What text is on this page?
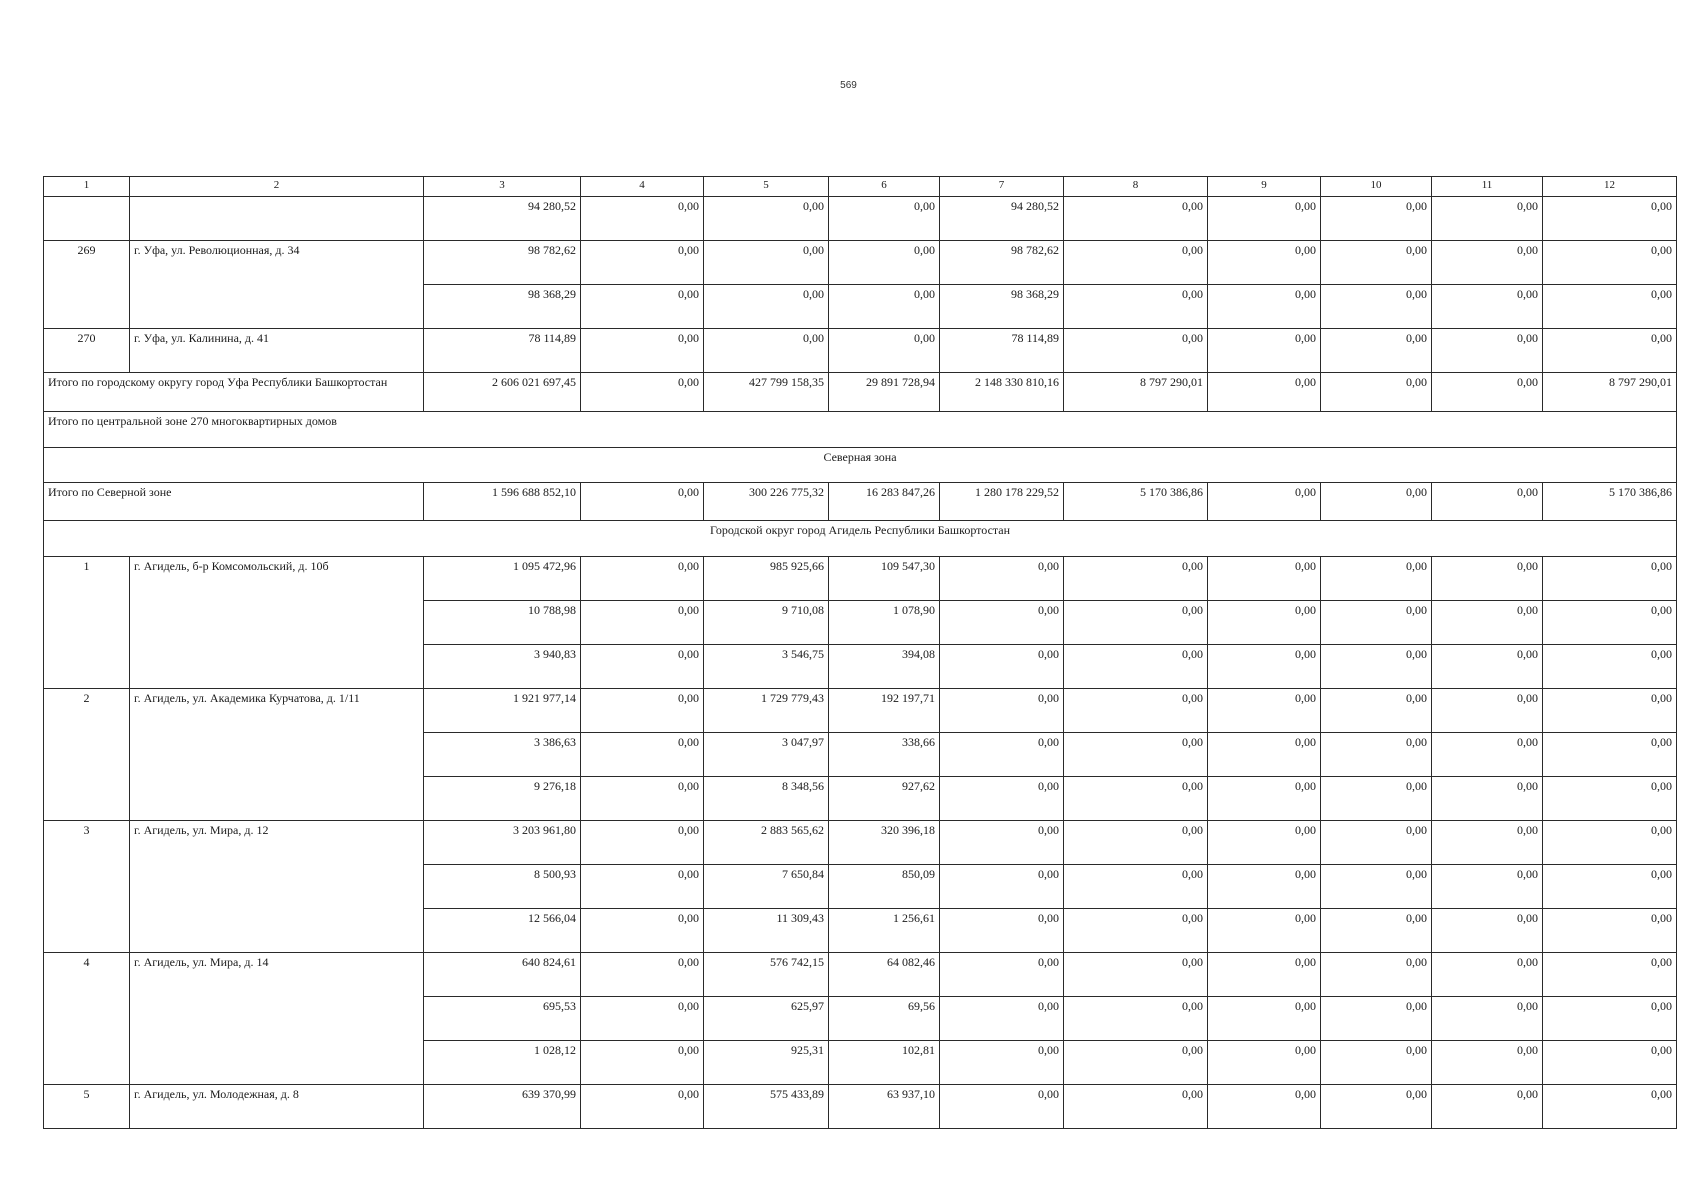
569
1	2	3	4	5	6	7	8	9	10	11	12
		94 280,52	0,00	0,00	0,00	94 280,52	0,00	0,00	0,00	0,00	0,00
269	г. Уфа, ул. Революционная, д. 34	98 782,62	0,00	0,00	0,00	98 782,62	0,00	0,00	0,00	0,00	0,00
		98 368,29	0,00	0,00	0,00	98 368,29	0,00	0,00	0,00	0,00	0,00
270	г. Уфа, ул. Калинина, д. 41	78 114,89	0,00	0,00	0,00	78 114,89	0,00	0,00	0,00	0,00	0,00
Итого по городскому округу город Уфа Республики Башкортостан		2 606 021 697,45	0,00	427 799 158,35	29 891 728,94	2 148 330 810,16	8 797 290,01	0,00	0,00	0,00	8 797 290,01
Итого по центральной зоне 270 многоквартирных домов											
Северная зона											
Итого по Северной зоне		1 596 688 852,10	0,00	300 226 775,32	16 283 847,26	1 280 178 229,52	5 170 386,86	0,00	0,00	0,00	5 170 386,86
Городской округ город Агидель Республики Башкортостан											
1	г. Агидель, б-р Комсомольский, д. 10б	1 095 472,96	0,00	985 925,66	109 547,30	0,00	0,00	0,00	0,00	0,00	0,00
		10 788,98	0,00	9 710,08	1 078,90	0,00	0,00	0,00	0,00	0,00	0,00
		3 940,83	0,00	3 546,75	394,08	0,00	0,00	0,00	0,00	0,00	0,00
2	г. Агидель, ул. Академика Курчатова, д. 1/11	1 921 977,14	0,00	1 729 779,43	192 197,71	0,00	0,00	0,00	0,00	0,00	0,00
		3 386,63	0,00	3 047,97	338,66	0,00	0,00	0,00	0,00	0,00	0,00
		9 276,18	0,00	8 348,56	927,62	0,00	0,00	0,00	0,00	0,00	0,00
3	г. Агидель, ул. Мира, д. 12	3 203 961,80	0,00	2 883 565,62	320 396,18	0,00	0,00	0,00	0,00	0,00	0,00
		8 500,93	0,00	7 650,84	850,09	0,00	0,00	0,00	0,00	0,00	0,00
		12 566,04	0,00	11 309,43	1 256,61	0,00	0,00	0,00	0,00	0,00	0,00
4	г. Агидель, ул. Мира, д. 14	640 824,61	0,00	576 742,15	64 082,46	0,00	0,00	0,00	0,00	0,00	0,00
		695,53	0,00	625,97	69,56	0,00	0,00	0,00	0,00	0,00	0,00
		1 028,12	0,00	925,31	102,81	0,00	0,00	0,00	0,00	0,00	0,00
5	г. Агидель, ул. Молодежная, д. 8	639 370,99	0,00	575 433,89	63 937,10	0,00	0,00	0,00	0,00	0,00	0,00
